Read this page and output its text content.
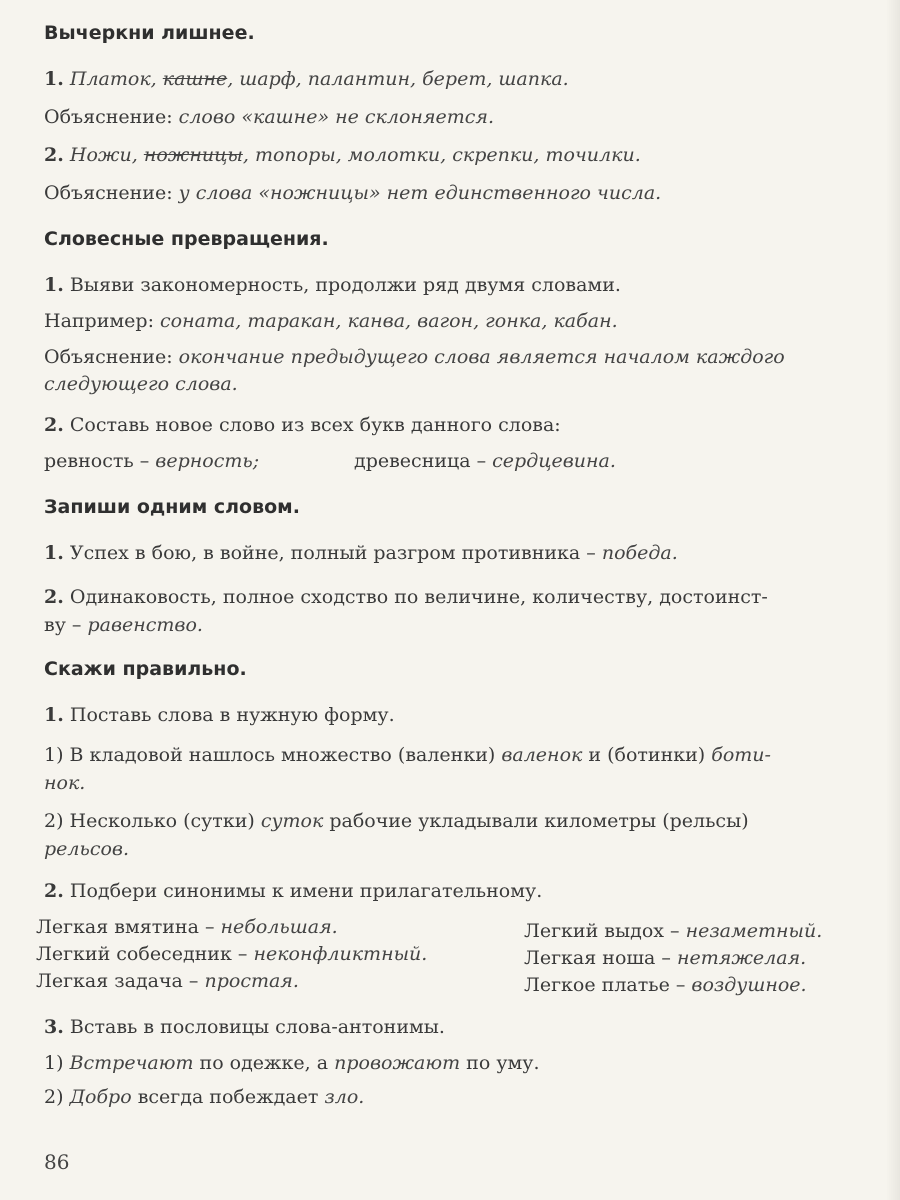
Вычеркни лишнее.
1. Платок, кашне, шарф, палантин, берет, шапка.
Объяснение: слово «кашне» не склоняется.
2. Ножи, ножницы, топоры, молотки, скрепки, точилки.
Объяснение: у слова «ножницы» нет единственного числа.
Словесные превращения.
1. Выяви закономерность, продолжи ряд двумя словами.
Например: соната, таракан, канва, вагон, гонка, кабан.
Объяснение: окончание предыдущего слова является началом каждого следующего слова.
2. Составь новое слово из всех букв данного слова:
ревность – верность;	древесница – сердцевина.
Запиши одним словом.
1. Успех в бою, в войне, полный разгром противника – победа.
2. Одинаковость, полное сходство по величине, количеству, достоинст-
ву – равенство.
Скажи правильно.
1. Поставь слова в нужную форму.
1) В кладовой нашлось множество (валенки) валенок и (ботинки) боти-
нок.
2) Несколько (сутки) суток рабочие укладывали километры (рельсы)
рельсов.
2. Подбери синонимы к имени прилагательному.
Легкая вмятина – небольшая.
Легкий собеседник – неконфликтный.
Легкая задача – простая.
Легкий выдох – незаметный.
Легкая ноша – нетяжелая.
Легкое платье – воздушное.
3. Вставь в пословицы слова-антонимы.
1) Встречают по одежке, а провожают по уму.
2) Добро всегда побеждает зло.
86
